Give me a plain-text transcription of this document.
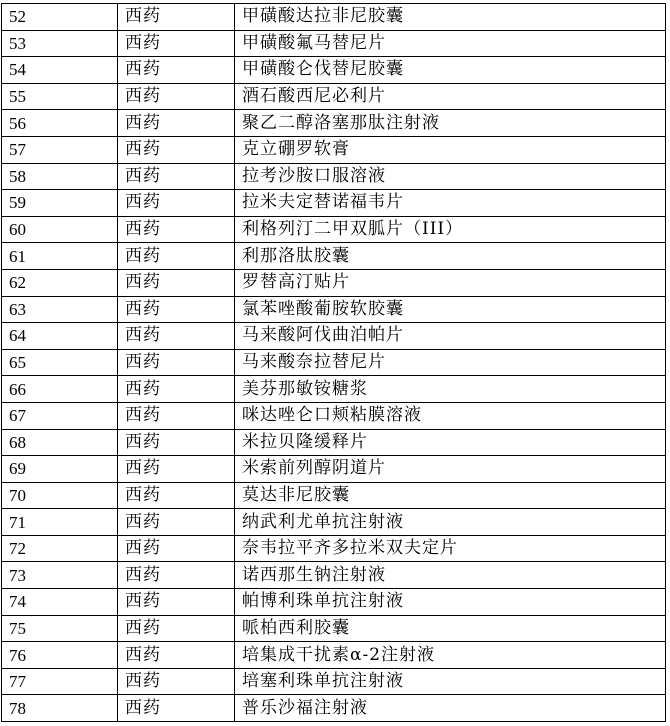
52	西药	甲磺酸达拉非尼胶囊
53	西药	甲磺酸氟马替尼片
54	西药	甲磺酸仑伐替尼胶囊
55	西药	酒石酸西尼必利片
56	西药	聚乙二醇洛塞那肽注射液
57	西药	克立硼罗软膏
58	西药	拉考沙胺口服溶液
59	西药	拉米夫定替诺福韦片
60	西药	利格列汀二甲双胍片（III）
61	西药	利那洛肽胶囊
62	西药	罗替高汀贴片
63	西药	氯苯唑酸葡胺软胶囊
64	西药	马来酸阿伐曲泊帕片
65	西药	马来酸奈拉替尼片
66	西药	美芬那敏铵糖浆
67	西药	咪达唑仑口颊粘膜溶液
68	西药	米拉贝隆缓释片
69	西药	米索前列醇阴道片
70	西药	莫达非尼胶囊
71	西药	纳武利尤单抗注射液
72	西药	奈韦拉平齐多拉米双夫定片
73	西药	诺西那生钠注射液
74	西药	帕博利珠单抗注射液
75	西药	哌柏西利胶囊
76	西药	培集成干扰素α-2注射液
77	西药	培塞利珠单抗注射液
78	西药	普乐沙福注射液
